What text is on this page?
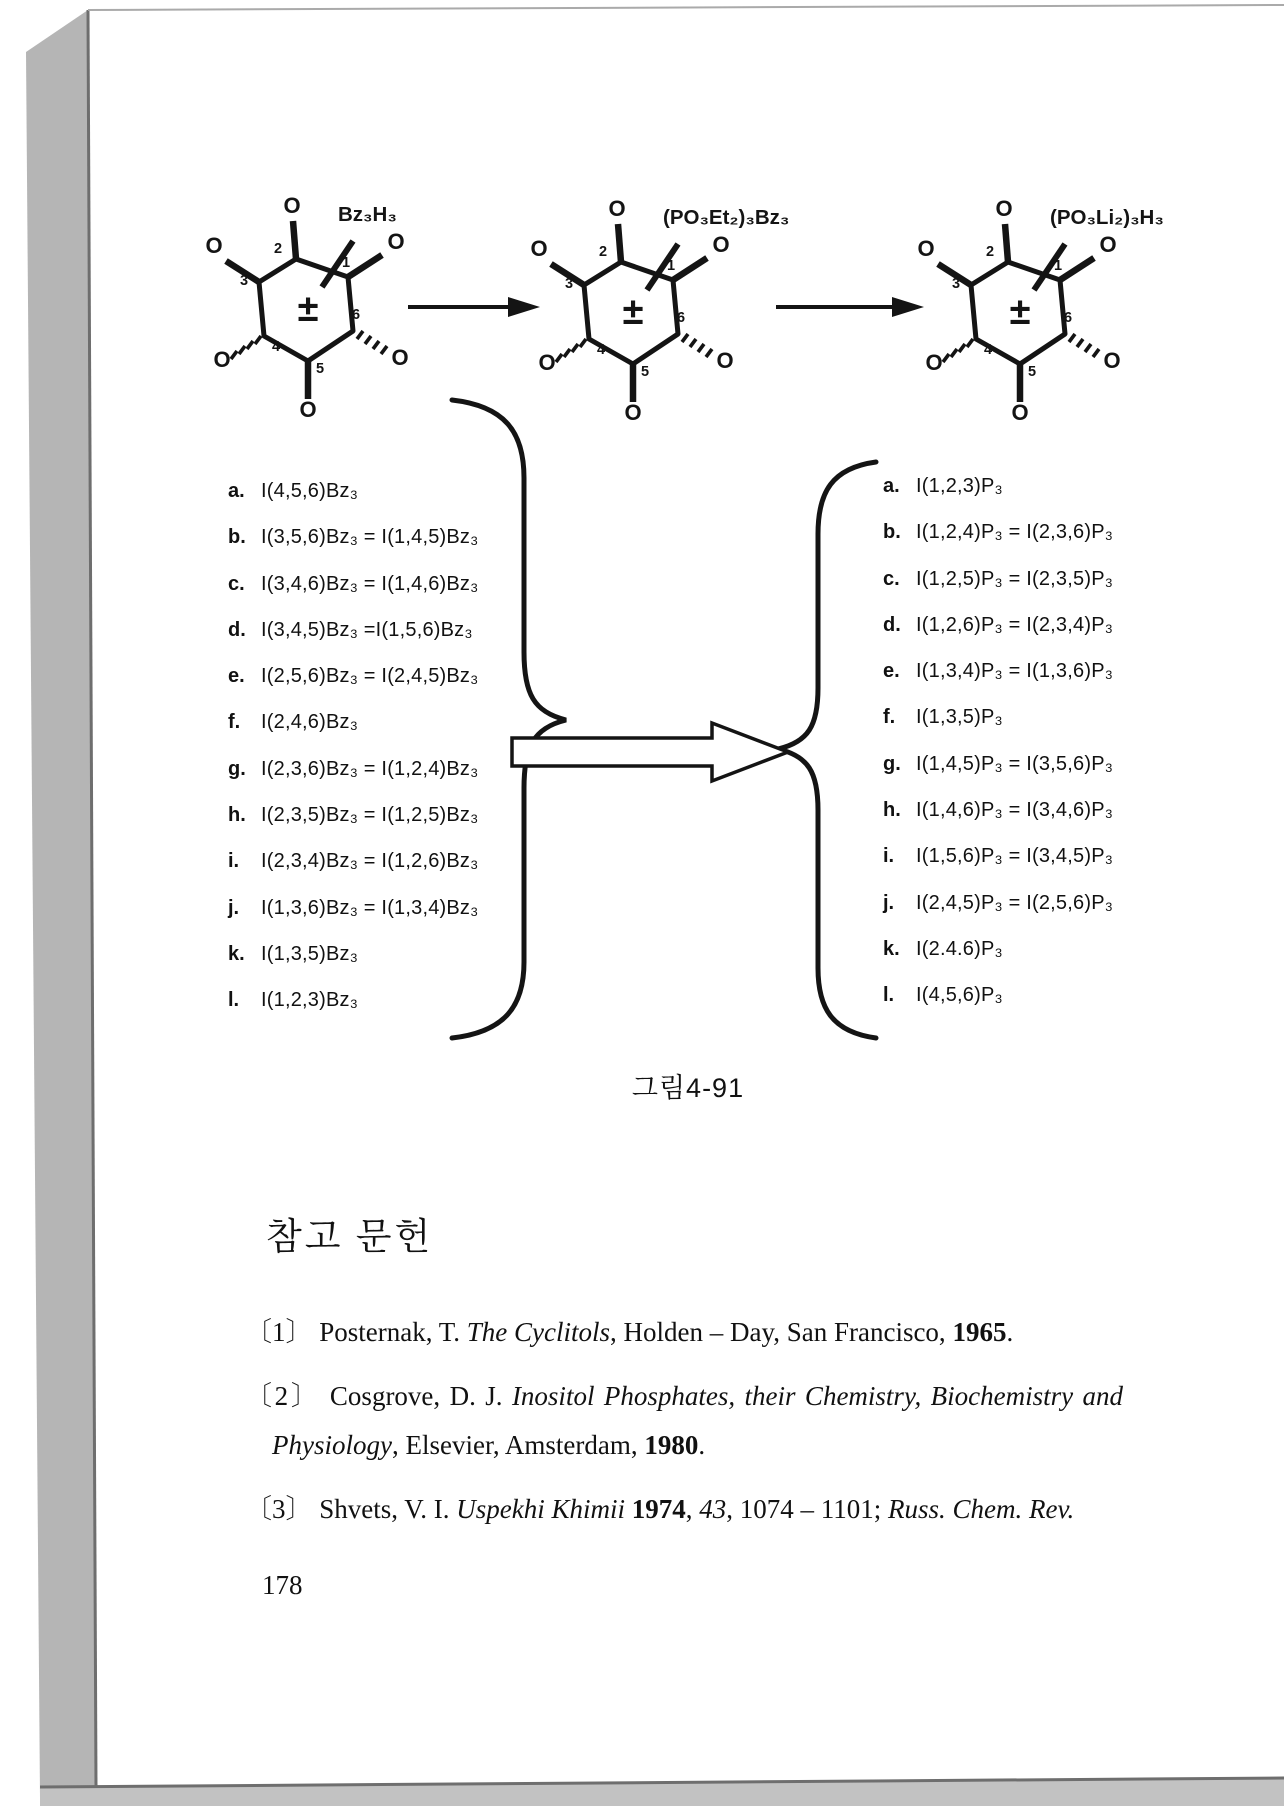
O
O
O
O
O	O
2
1
3
4
5
6
±
Bz₃H₃	O
O
O
O
O	O
2
1
3
4
5
6
±
(PO₃Et₂)₃Bz₃	O
O
O
O
O	O
2
1
3
4
5
6
±
(PO₃Li₂)₃H₃
a. I(4,5,6)Bz₃
b. I(3,5,6)Bz₃ = I(1,4,5)Bz₃
c. I(3,4,6)Bz₃ = I(1,4,6)Bz₃
d. I(3,4,5)Bz₃ =I(1,5,6)Bz₃
e. I(2,5,6)Bz₃ = I(2,4,5)Bz₃
f. I(2,4,6)Bz₃
g. I(2,3,6)Bz₃ = I(1,2,4)Bz₃
h. I(2,3,5)Bz₃ = I(1,2,5)Bz₃
i. I(2,3,4)Bz₃ = I(1,2,6)Bz₃
j. I(1,3,6)Bz₃ = I(1,3,4)Bz₃
k. I(1,3,5)Bz₃
l. I(1,2,3)Bz₃
a. I(1,2,3)P₃
b. I(1,2,4)P₃ = I(2,3,6)P₃
c. I(1,2,5)P₃ = I(2,3,5)P₃
d. I(1,2,6)P₃ = I(2,3,4)P₃
e. I(1,3,4)P₃ = I(1,3,6)P₃
f. I(1,3,5)P₃
g. I(1,4,5)P₃ = I(3,5,6)P₃
h. I(1,4,6)P₃ = I(3,4,6)P₃
i. I(1,5,6)P₃ = I(3,4,5)P₃
j. I(2,4,5)P₃ = I(2,5,6)P₃
k. I(2.4.6)P₃
l. I(4,5,6)P₃
그림4-91
참고 문헌

〔1〕 Posternak, T. The Cyclitols, Holden – Day, San Francisco, 1965.

〔2〕 Cosgrove, D. J. Inositol Phosphates, their Chemistry, Biochemistry and Physiology, Elsevier, Amsterdam, 1980.

〔3〕 Shvets, V. I. Uspekhi Khimii 1974, 43, 1074 – 1101; Russ. Chem. Rev.

178
